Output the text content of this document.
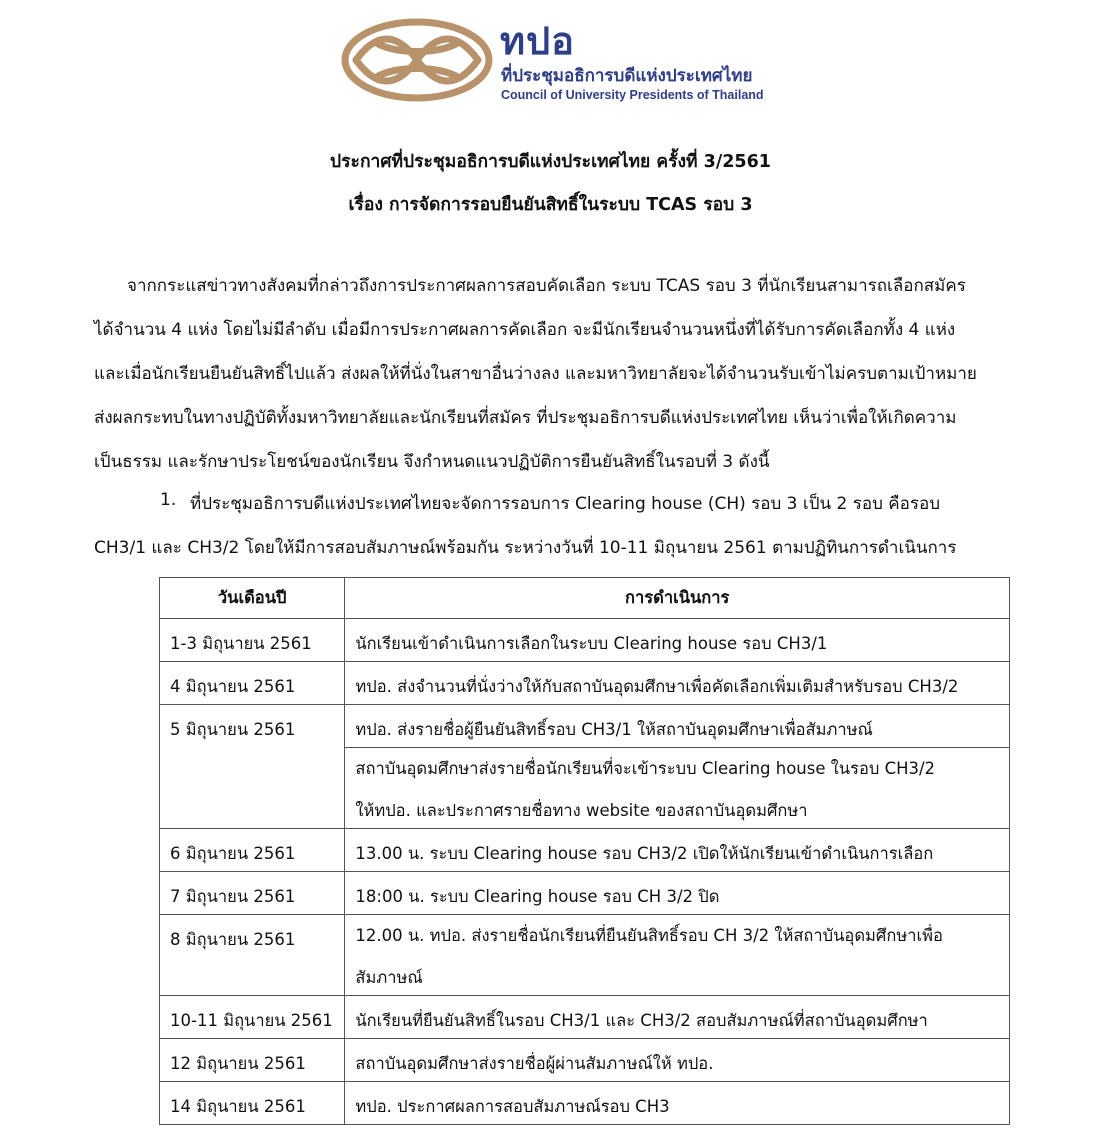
ทปอ
ที่ประชุมอธิการบดีแห่งประเทศไทย
Council of University Presidents of Thailand
ประกาศที่ประชุมอธิการบดีแห่งประเทศไทย ครั้งที่ 3/2561
เรื่อง การจัดการรอบยืนยันสิทธิ์ในระบบ TCAS รอบ 3
จากกระแสข่าวทางสังคมที่กล่าวถึงการประกาศผลการสอบคัดเลือก ระบบ TCAS รอบ 3 ที่นักเรียนสามารถเลือกสมัคร
ได้จำนวน 4 แห่ง โดยไม่มีลำดับ เมื่อมีการประกาศผลการคัดเลือก จะมีนักเรียนจำนวนหนึ่งที่ได้รับการคัดเลือกทั้ง 4 แห่ง
และเมื่อนักเรียนยืนยันสิทธิ์ไปแล้ว ส่งผลให้ที่นั่งในสาขาอื่นว่างลง และมหาวิทยาลัยจะได้จำนวนรับเข้าไม่ครบตามเป้าหมาย
ส่งผลกระทบในทางปฏิบัติทั้งมหาวิทยาลัยและนักเรียนที่สมัคร ที่ประชุมอธิการบดีแห่งประเทศไทย เห็นว่าเพื่อให้เกิดความ
เป็นธรรม และรักษาประโยชน์ของนักเรียน จึงกำหนดแนวปฏิบัติการยืนยันสิทธิ์ในรอบที่ 3 ดังนี้
1. ที่ประชุมอธิการบดีแห่งประเทศไทยจะจัดการรอบการ Clearing house (CH) รอบ 3 เป็น 2 รอบ คือรอบ
CH3/1 และ CH3/2 โดยให้มีการสอบสัมภาษณ์พร้อมกัน ระหว่างวันที่ 10-11 มิถุนายน 2561 ตามปฏิทินการดำเนินการ
วันเดือนปี	การดำเนินการ
1-3 มิถุนายน 2561	นักเรียนเข้าดำเนินการเลือกในระบบ Clearing house รอบ CH3/1
4 มิถุนายน 2561	ทปอ. ส่งจำนวนที่นั่งว่างให้กับสถาบันอุดมศึกษาเพื่อคัดเลือกเพิ่มเติมสำหรับรอบ CH3/2
5 มิถุนายน 2561	ทปอ. ส่งรายชื่อผู้ยืนยันสิทธิ์รอบ CH3/1 ให้สถาบันอุดมศึกษาเพื่อสัมภาษณ์

	สถาบันอุดมศึกษาส่งรายชื่อนักเรียนที่จะเข้าระบบ Clearing house ในรอบ CH3/2
ให้ทปอ. และประกาศรายชื่อทาง website ของสถาบันอุดมศึกษา

6 มิถุนายน 2561	13.00 น. ระบบ Clearing house รอบ CH3/2 เปิดให้นักเรียนเข้าดำเนินการเลือก
7 มิถุนายน 2561	18:00 น. ระบบ Clearing house รอบ CH 3/2 ปิด
8 มิถุนายน 2561	12.00 น. ทปอ. ส่งรายชื่อนักเรียนที่ยืนยันสิทธิ์รอบ CH 3/2 ให้สถาบันอุดมศึกษาเพื่อ
สัมภาษณ์

10-11 มิถุนายน 2561	นักเรียนที่ยืนยันสิทธิ์ในรอบ CH3/1 และ CH3/2 สอบสัมภาษณ์ที่สถาบันอุดมศึกษา
12 มิถุนายน 2561	สถาบันอุดมศึกษาส่งรายชื่อผู้ผ่านสัมภาษณ์ให้ ทปอ.
14 มิถุนายน 2561	ทปอ. ประกาศผลการสอบสัมภาษณ์รอบ CH3
